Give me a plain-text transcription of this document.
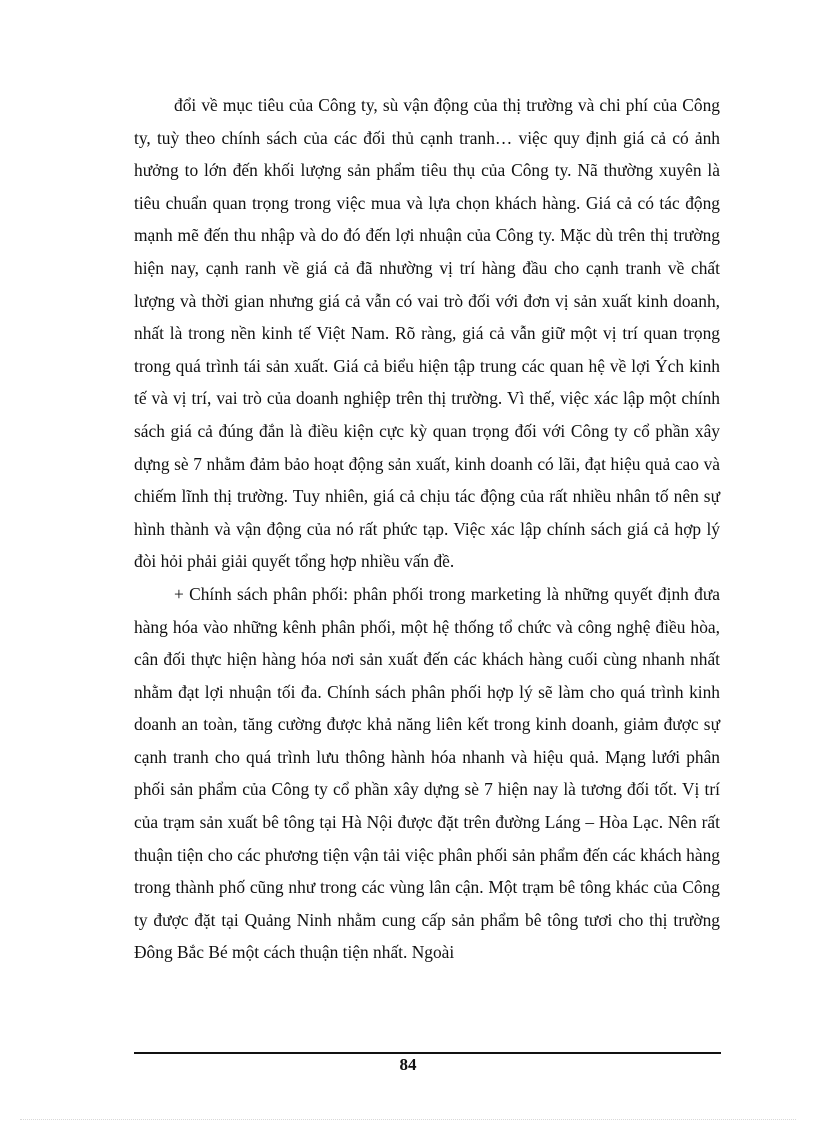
đổi về mục tiêu của Công ty, sù vận động của thị trường và chi phí của Công ty, tuỳ theo chính sách của các đối thủ cạnh tranh… việc quy định giá cả có ảnh hưởng to lớn đến khối lượng sản phẩm tiêu thụ của Công ty. Nã thường xuyên là tiêu chuẩn quan trọng trong việc mua và lựa chọn khách hàng. Giá cả có tác động mạnh mẽ đến thu nhập và do đó đến lợi nhuận của Công ty. Mặc dù trên thị trường hiện nay, cạnh ranh về giá cả đã nhường vị trí hàng đầu cho cạnh tranh về chất lượng và thời gian nhưng giá cả vẫn có vai trò đối với đơn vị sản xuất kinh doanh, nhất là trong nền kinh tế Việt Nam. Rõ ràng, giá cả vẫn giữ một vị trí quan trọng trong quá trình tái sản xuất. Giá cả biểu hiện tập trung các quan hệ về lợi Ých kinh tế và vị trí, vai trò của doanh nghiệp trên thị trường. Vì thế, việc xác lập một chính sách giá cả đúng đắn là điều kiện cực kỳ quan trọng đối với Công ty cổ phần xây dựng sè 7 nhằm đảm bảo hoạt động sản xuất, kinh doanh có lãi, đạt hiệu quả cao và chiếm lĩnh thị trường. Tuy nhiên, giá cả chịu tác động của rất nhiều nhân tố nên sự hình thành và vận động của nó rất phức tạp. Việc xác lập chính sách giá cả hợp lý đòi hỏi phải giải quyết tổng hợp nhiều vấn đề.

+ Chính sách phân phối: phân phối trong marketing là những quyết định đưa hàng hóa vào những kênh phân phối, một hệ thống tổ chức và công nghệ điều hòa, cân đối thực hiện hàng hóa nơi sản xuất đến các khách hàng cuối cùng nhanh nhất nhằm đạt lợi nhuận tối đa. Chính sách phân phối hợp lý sẽ làm cho quá trình kinh doanh an toàn, tăng cường được khả năng liên kết trong kinh doanh, giảm được sự cạnh tranh cho quá trình lưu thông hành hóa nhanh và hiệu quả. Mạng lưới phân phối sản phẩm của Công ty cổ phần xây dựng sè 7 hiện nay là tương đối tốt. Vị trí của trạm sản xuất bê tông tại Hà Nội được đặt trên đường Láng – Hòa Lạc. Nên rất thuận tiện cho các phương tiện vận tải việc phân phối sản phẩm đến các khách hàng trong thành phố cũng như trong các vùng lân cận. Một trạm bê tông khác của Công ty được đặt tại Quảng Ninh nhằm cung cấp sản phẩm bê tông tươi cho thị trường Đông Bắc Bé một cách thuận tiện nhất. Ngoài

84
